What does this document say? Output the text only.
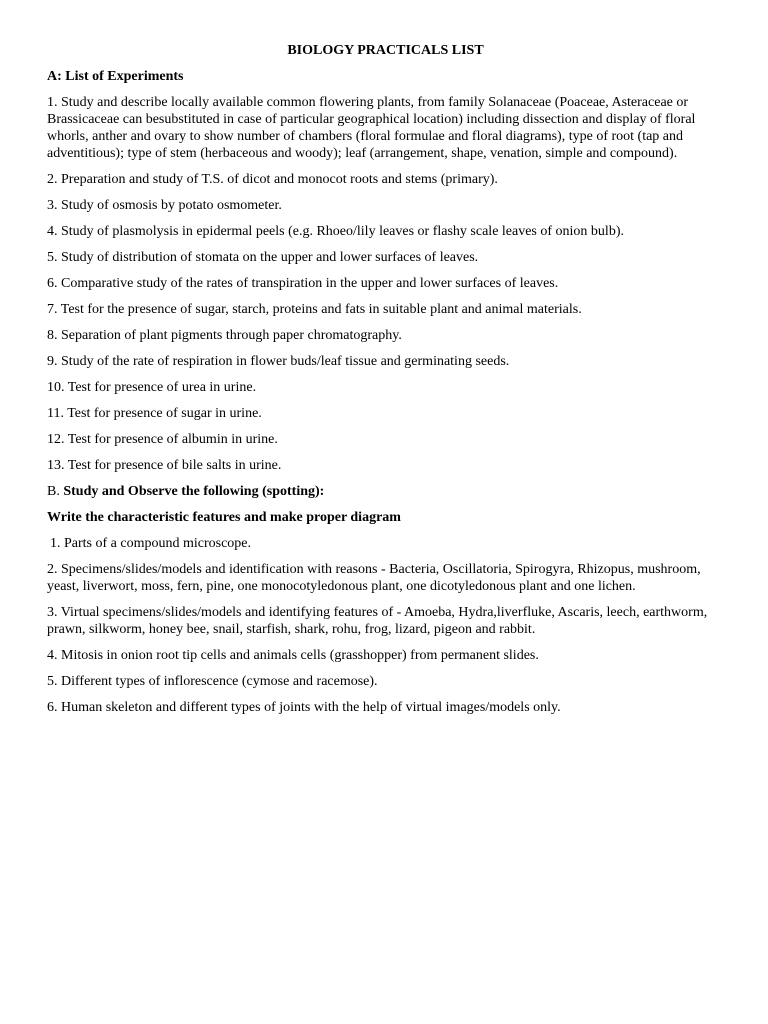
BIOLOGY PRACTICALS LIST
A: List of Experiments
1. Study and describe locally available common flowering plants, from family Solanaceae (Poaceae, Asteraceae or Brassicaceae can besubstituted in case of particular geographical location) including dissection and display of floral whorls, anther and ovary to show number of chambers (floral formulae and floral diagrams), type of root (tap and adventitious); type of stem (herbaceous and woody); leaf (arrangement, shape, venation, simple and compound).
2. Preparation and study of T.S. of dicot and monocot roots and stems (primary).
3. Study of osmosis by potato osmometer.
4. Study of plasmolysis in epidermal peels (e.g. Rhoeo/lily leaves or flashy scale leaves of onion bulb).
5. Study of distribution of stomata on the upper and lower surfaces of leaves.
6. Comparative study of the rates of transpiration in the upper and lower surfaces of leaves.
7. Test for the presence of sugar, starch, proteins and fats in suitable plant and animal materials.
8. Separation of plant pigments through paper chromatography.
9. Study of the rate of respiration in flower buds/leaf tissue and germinating seeds.
10. Test for presence of urea in urine.
11. Test for presence of sugar in urine.
12. Test for presence of albumin in urine.
13. Test for presence of bile salts in urine.
B. Study and Observe the following (spotting):
Write the characteristic features and make proper diagram
1. Parts of a compound microscope.
2. Specimens/slides/models and identification with reasons - Bacteria, Oscillatoria, Spirogyra, Rhizopus, mushroom, yeast, liverwort, moss, fern, pine, one monocotyledonous plant, one dicotyledonous plant and one lichen.
3. Virtual specimens/slides/models and identifying features of - Amoeba, Hydra,liverfluke, Ascaris, leech, earthworm, prawn, silkworm, honey bee, snail, starfish, shark, rohu, frog, lizard, pigeon and rabbit.
4. Mitosis in onion root tip cells and animals cells (grasshopper) from permanent slides.
5. Different types of inflorescence (cymose and racemose).
6. Human skeleton and different types of joints with the help of virtual images/models only.
